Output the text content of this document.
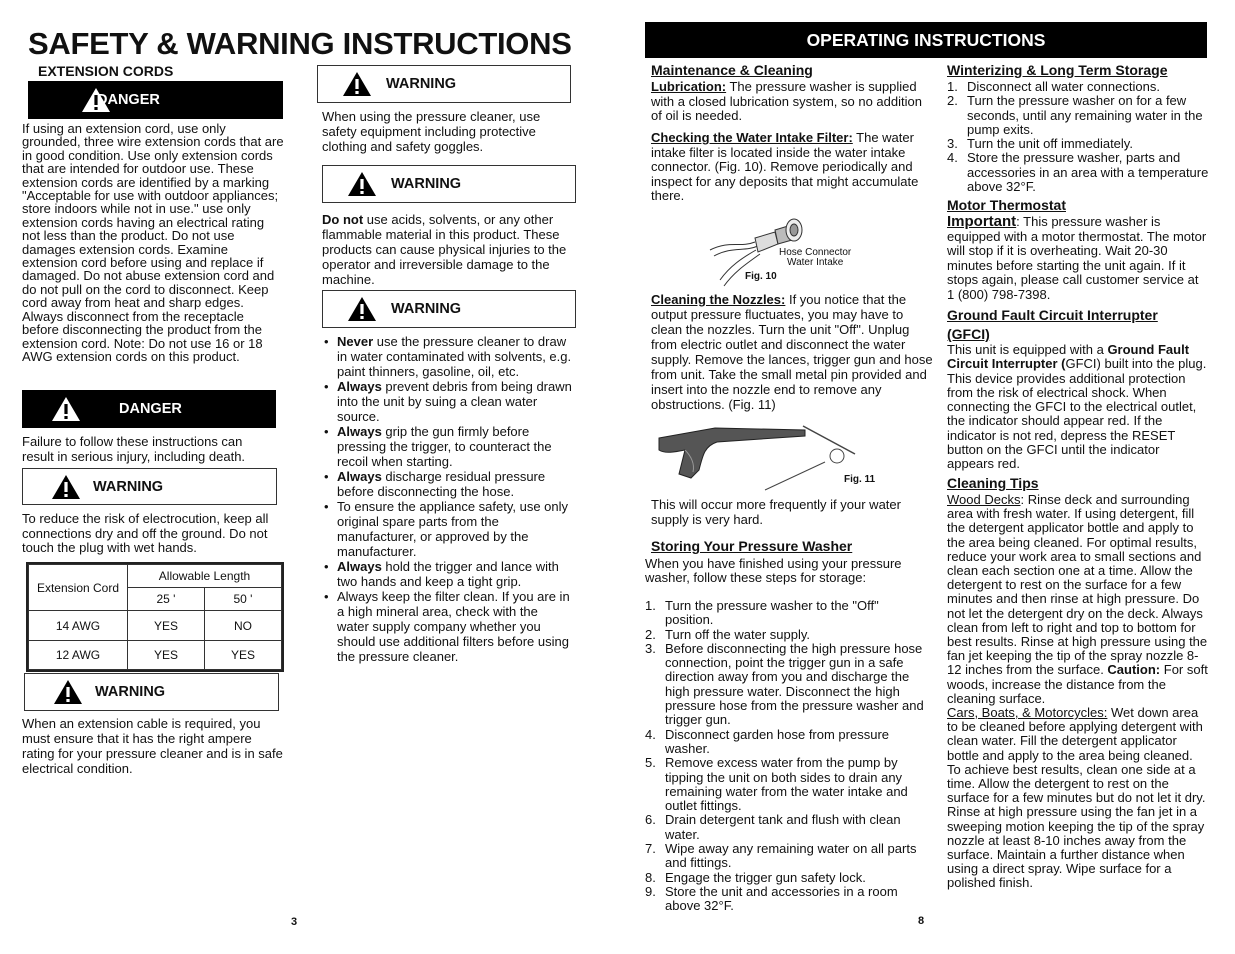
SAFETY & WARNING INSTRUCTIONS
EXTENSION CORDS
DANGER
If using an extension cord, use only grounded, three wire extension cords that are in good condition. Use only extension cords that are intended for outdoor use. These extension cords are identified by a marking "Acceptable for use with outdoor appliances; store indoors while not in use." use only extension cords having an electrical rating not less than the product. Do not use damages extension cords. Examine extension cord before using and replace if damaged. Do not abuse extension cord and do not pull on the cord to disconnect. Keep cord away from heat and sharp edges. Always disconnect from the receptacle before disconnecting the product from the extension cord. Note: Do not use 16 or 18 AWG extension cords on this product.
DANGER
Failure to follow these instructions can result in serious injury, including death.
WARNING
To reduce the risk of electrocution, keep all connections dry and off the ground. Do not touch the plug with wet hands.
Extension Cord	Allowable Length	
	25 '	50 '
14 AWG	YES	NO
12 AWG	YES	YES
WARNING
When an extension cable is required, you must ensure that it has the right ampere rating for your pressure cleaner and is in safe electrical condition.
WARNING
When using the pressure cleaner, use safety equipment including protective clothing and safety goggles.
WARNING
Do not use acids, solvents, or any other flammable material in this product. These products can cause physical injuries to the operator and irreversible damage to the machine.
WARNING
• Never use the pressure cleaner to draw in water contaminated with solvents, e.g. paint thinners, gasoline, oil, etc.
• Always prevent debris from being drawn into the unit by suing a clean water source.
• Always grip the gun firmly before pressing the trigger, to counteract the recoil when starting.
• Always discharge residual pressure before disconnecting the hose.
• To ensure the appliance safety, use only original spare parts from the manufacturer, or approved by the manufacturer.
• Always hold the trigger and lance with two hands and keep a tight grip.
• Always keep the filter clean. If you are in a high mineral area, check with the water supply company whether you should use additional filters before using the pressure cleaner.
3
OPERATING INSTRUCTIONS
Maintenance & Cleaning
Lubrication: The pressure washer is supplied with a closed lubrication system, so no addition of oil is needed.
Checking the Water Intake Filter: The water intake filter is located inside the water intake connector. (Fig. 10). Remove periodically and inspect for any deposits that might accumulate there.
Hose Connector
Water Intake
Fig. 10
Cleaning the Nozzles: If you notice that the output pressure fluctuates, you may have to clean the nozzles. Turn the unit "Off". Unplug from electric outlet and disconnect the water supply. Remove the lances, trigger gun and hose from unit. Take the small metal pin provided and insert into the nozzle end to remove any obstructions. (Fig. 11)
Fig. 11
This will occur more frequently if your water supply is very hard.
Storing Your Pressure Washer
When you have finished using your pressure washer, follow these steps for storage:
1. Turn the pressure washer to the "Off" position.
2. Turn off the water supply.
3. Before disconnecting the high pressure hose connection, point the trigger gun in a safe direction away from you and discharge the high pressure water. Disconnect the high pressure hose from the pressure washer and trigger gun.
4. Disconnect garden hose from pressure washer.
5. Remove excess water from the pump by tipping the unit on both sides to drain any remaining water from the water intake and outlet fittings.
6. Drain detergent tank and flush with clean water.
7. Wipe away any remaining water on all parts and fittings.
8. Engage the trigger gun safety lock.
9. Store the unit and accessories in a room above 32°F.
8
Winterizing & Long Term Storage
1. Disconnect all water connections.
2. Turn the pressure washer on for a few seconds, until any remaining water in the pump exits.
3. Turn the unit off immediately.
4. Store the pressure washer, parts and accessories in an area with a temperature above 32°F.
Motor Thermostat
Important: This pressure washer is equipped with a motor thermostat. The motor will stop if it is overheating. Wait 20-30 minutes before starting the unit again. If it stops again, please call customer service at 1 (800) 798-7398.
Ground Fault Circuit Interrupter (GFCI)
This unit is equipped with a Ground Fault Circuit Interrupter (GFCI) built into the plug. This device provides additional protection from the risk of electrical shock. When connecting the GFCI to the electrical outlet, the indicator should appear red. If the indicator is not red, depress the RESET button on the GFCI until the indicator appears red.
Cleaning Tips
Wood Decks: Rinse deck and surrounding area with fresh water. If using detergent, fill the detergent applicator bottle and apply to the area being cleaned. For optimal results, reduce your work area to small sections and clean each section one at a time. Allow the detergent to rest on the surface for a few minutes and then rinse at high pressure. Do not let the detergent dry on the deck. Always clean from left to right and top to bottom for best results. Rinse at high pressure using the fan jet keeping the tip of the spray nozzle 8-12 inches from the surface. Caution: For soft woods, increase the distance from the cleaning surface.
Cars, Boats, & Motorcycles: Wet down area to be cleaned before applying detergent with clean water. Fill the detergent applicator bottle and apply to the area being cleaned. To achieve best results, clean one side at a time. Allow the detergent to rest on the surface for a few minutes but do not let it dry. Rinse at high pressure using the fan jet in a sweeping motion keeping the tip of the spray nozzle at least 8-10 inches away from the surface. Maintain a further distance when using a direct spray. Wipe surface for a polished finish.
